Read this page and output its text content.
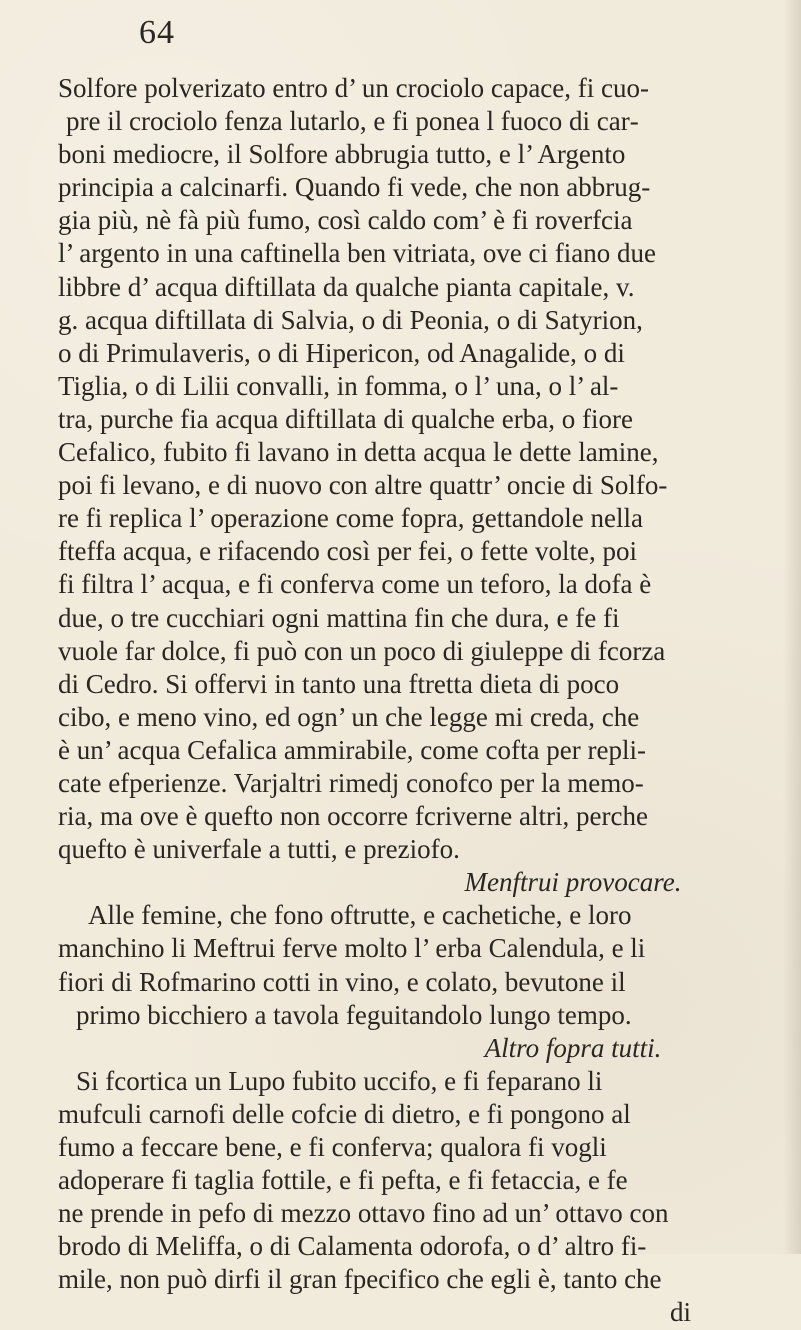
64
Solfore polverizato entro d’ un crociolo capace, fi cuo‑
pre il crociolo fenza lutarlo, e fi ponea l fuoco di car‑
boni mediocre, il Solfore abbrugia tutto, e l’ Argento
principia a calcinarfi. Quando fi vede, che non abbrug‑
gia più, nè fà più fumo, così caldo com’ è fi roverfcia
l’ argento in una caftinella ben vitriata, ove ci fiano due
libbre d’ acqua diftillata da qualche pianta capitale, v.
g. acqua diftillata di Salvia, o di Peonia, o di Satyrion,
o di Primulaveris, o di Hipericon, od Anagalide, o di
Tiglia, o di Lilii convalli, in fomma, o l’ una, o l’ al‑
tra, purche fia acqua diftillata di qualche erba, o fiore
Cefalico, fubito fi lavano in detta acqua le dette lamine,
poi fi levano, e di nuovo con altre quattr’ oncie di Solfo‑
re fi replica l’ operazione come fopra, gettandole nella
fteffa acqua, e rifacendo così per fei, o fette volte, poi
fi filtra l’ acqua, e fi conferva come un teforo, la dofa è
due, o tre cucchiari ogni mattina fin che dura, e fe fi
vuole far dolce, fi può con un poco di giuleppe di fcorza
di Cedro. Si offervi in tanto una ftretta dieta di poco
cibo, e meno vino, ed ogn’ un che legge mi creda, che
è un’ acqua Cefalica ammirabile, come cofta per repli‑
cate efperienze. Varjaltri rimedj conofco per la memo‑
ria, ma ove è quefto non occorre fcriverne altri, perche
quefto è univerfale a tutti, e preziofo.
Menftrui provocare.
Alle femine, che fono oftrutte, e cachetiche, e loro
manchino li Meftrui ferve molto l’ erba Calendula, e li
fiori di Rofmarino cotti in vino, e colato, bevutone il
primo bicchiero a tavola feguitandolo lungo tempo.
Altro fopra tutti.
Si fcortica un Lupo fubito uccifo, e fi feparano li
mufculi carnofi delle cofcie di dietro, e fi pongono al
fumo a feccare bene, e fi conferva; qualora fi vogli
adoperare fi taglia fottile, e fi pefta, e fi fetaccia, e fe
ne prende in pefo di mezzo ottavo fino ad un’ ottavo con
brodo di Meliffa, o di Calamenta odorofa, o d’ altro fi‑
mile, non può dirfi il gran fpecifico che egli è, tanto che
di
